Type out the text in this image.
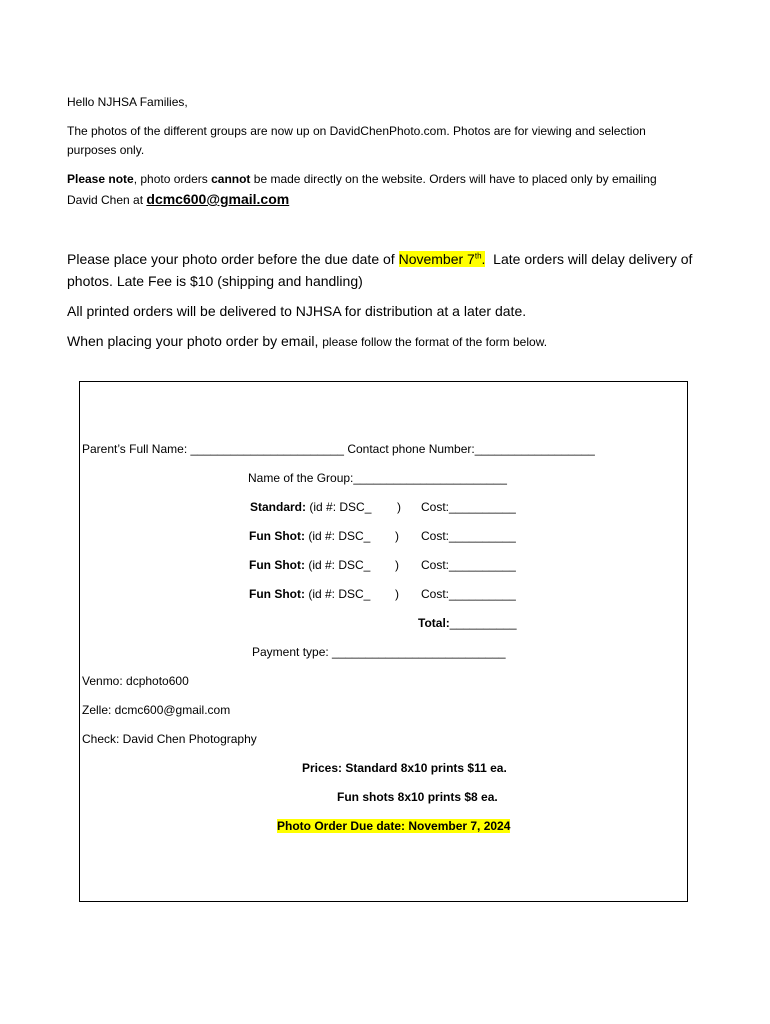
Hello NJHSA Families,
The photos of the different groups are now up on DavidChenPhoto.com. Photos are for viewing and selection
purposes only.
Please note, photo orders cannot be made directly on the website. Orders will have to placed only by emailing
David Chen at dcmc600@gmail.com
Please place your photo order before the due date of November 7th.  Late orders will delay delivery of
photos. Late Fee is $10 (shipping and handling)
All printed orders will be delivered to NJHSA for distribution at a later date.
When placing your photo order by email, please follow the format of the form below.
Parent’s Full Name: _______________________ Contact phone Number:__________________
Name of the Group:_______________________
Standard: (id #: DSC_ ) Cost:__________
Fun Shot: (id #: DSC_ ) Cost:__________
Fun Shot: (id #: DSC_ ) Cost:__________
Fun Shot: (id #: DSC_ ) Cost:__________
Total:__________
Payment type: __________________________
Venmo: dcphoto600
Zelle: dcmc600@gmail.com
Check: David Chen Photography
Prices: Standard 8x10 prints $11 ea.
Fun shots 8x10 prints $8 ea.
Photo Order Due date: November 7, 2024
